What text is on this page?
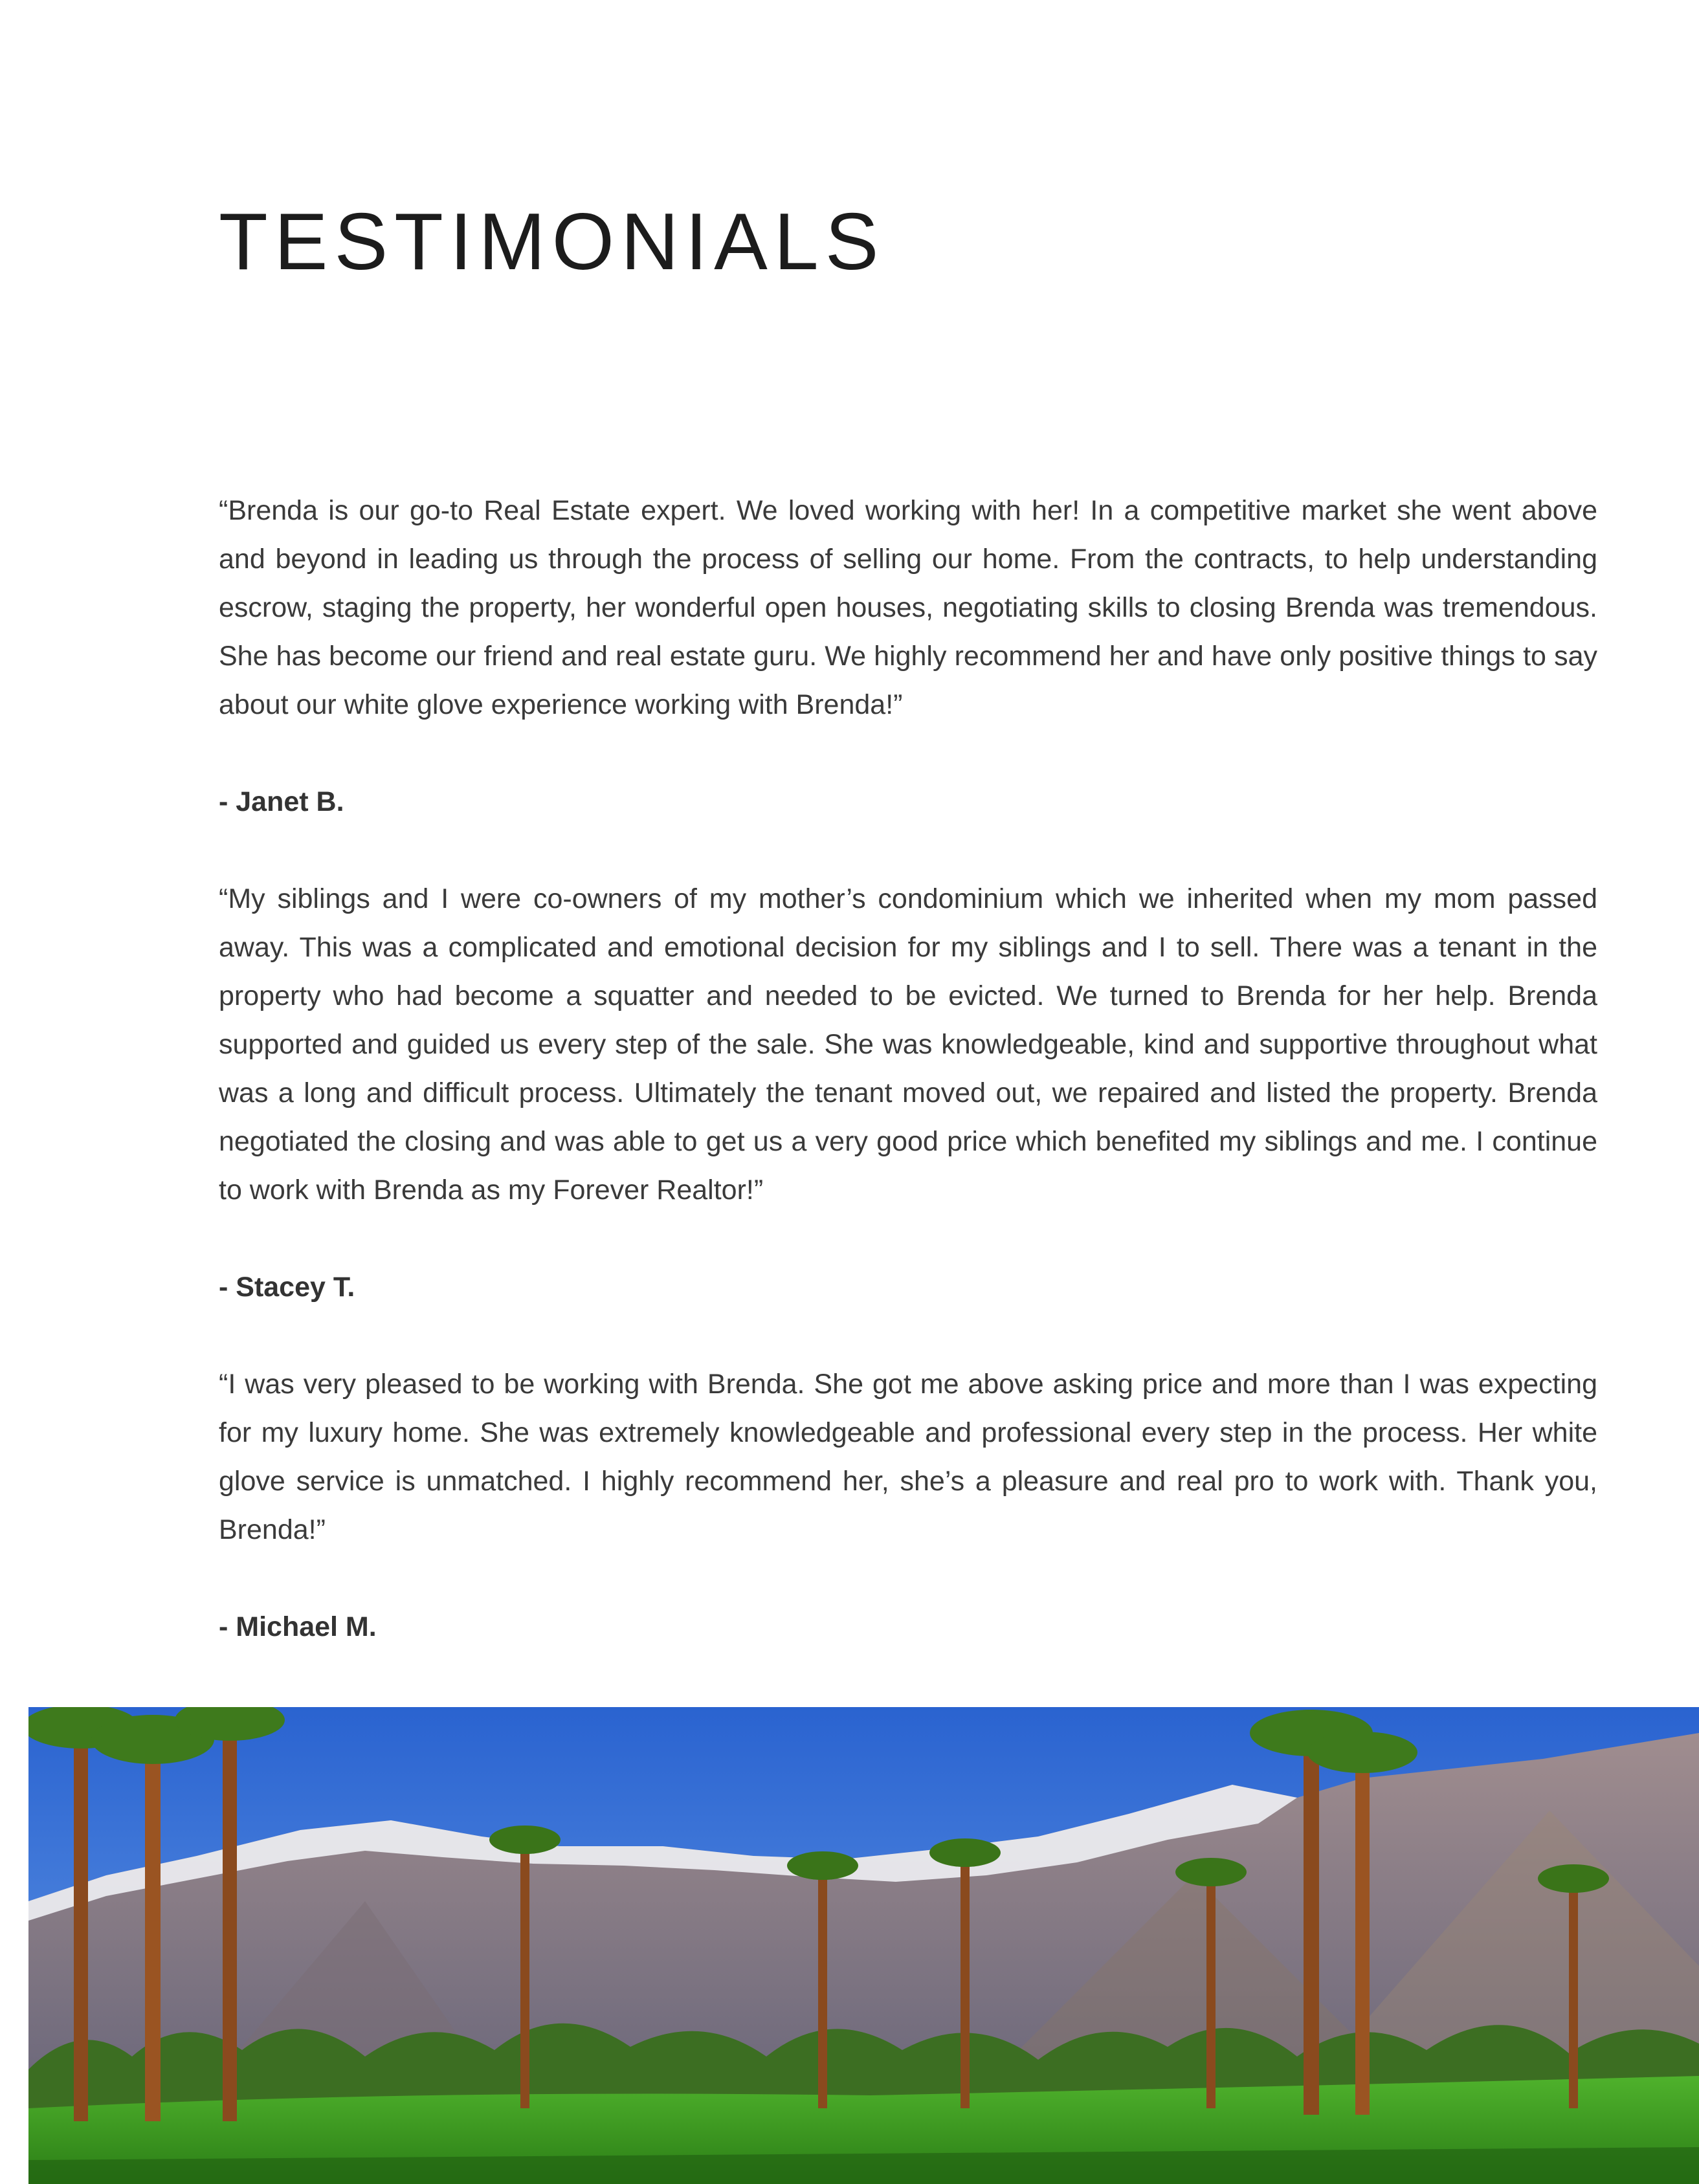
TESTIMONIALS

“Brenda is our go-to Real Estate expert. We loved working with her! In a competitive market she went above and beyond in leading us through the process of selling our home. From the contracts, to help understanding escrow, staging the property, her wonderful open houses, negotiating skills to closing Brenda was tremendous. She has become our friend and real estate guru. We highly recommend her and have only positive things to say about our white glove experience working with Brenda!”

- Janet B.

“My siblings and I were co-owners of my mother’s condominium which we inherited when my mom passed away. This was a complicated and emotional decision for my siblings and I to sell. There was a tenant in the property who had become a squatter and needed to be evicted. We turned to Brenda for her help. Brenda supported and guided us every step of the sale. She was knowledgeable, kind and supportive throughout what was a long and difficult process. Ultimately the tenant moved out, we repaired and listed the property. Brenda negotiated the closing and was able to get us a very good price which benefited my siblings and me. I continue to work with Brenda as my Forever Realtor!”

- Stacey T.

“I was very pleased to be working with Brenda. She got me above asking price and more than I was expecting for my luxury home. She was extremely knowledgeable and professional every step in the process. Her white glove service is unmatched. I highly recommend her, she’s a pleasure and real pro to work with. Thank you, Brenda!”

- Michael M.
